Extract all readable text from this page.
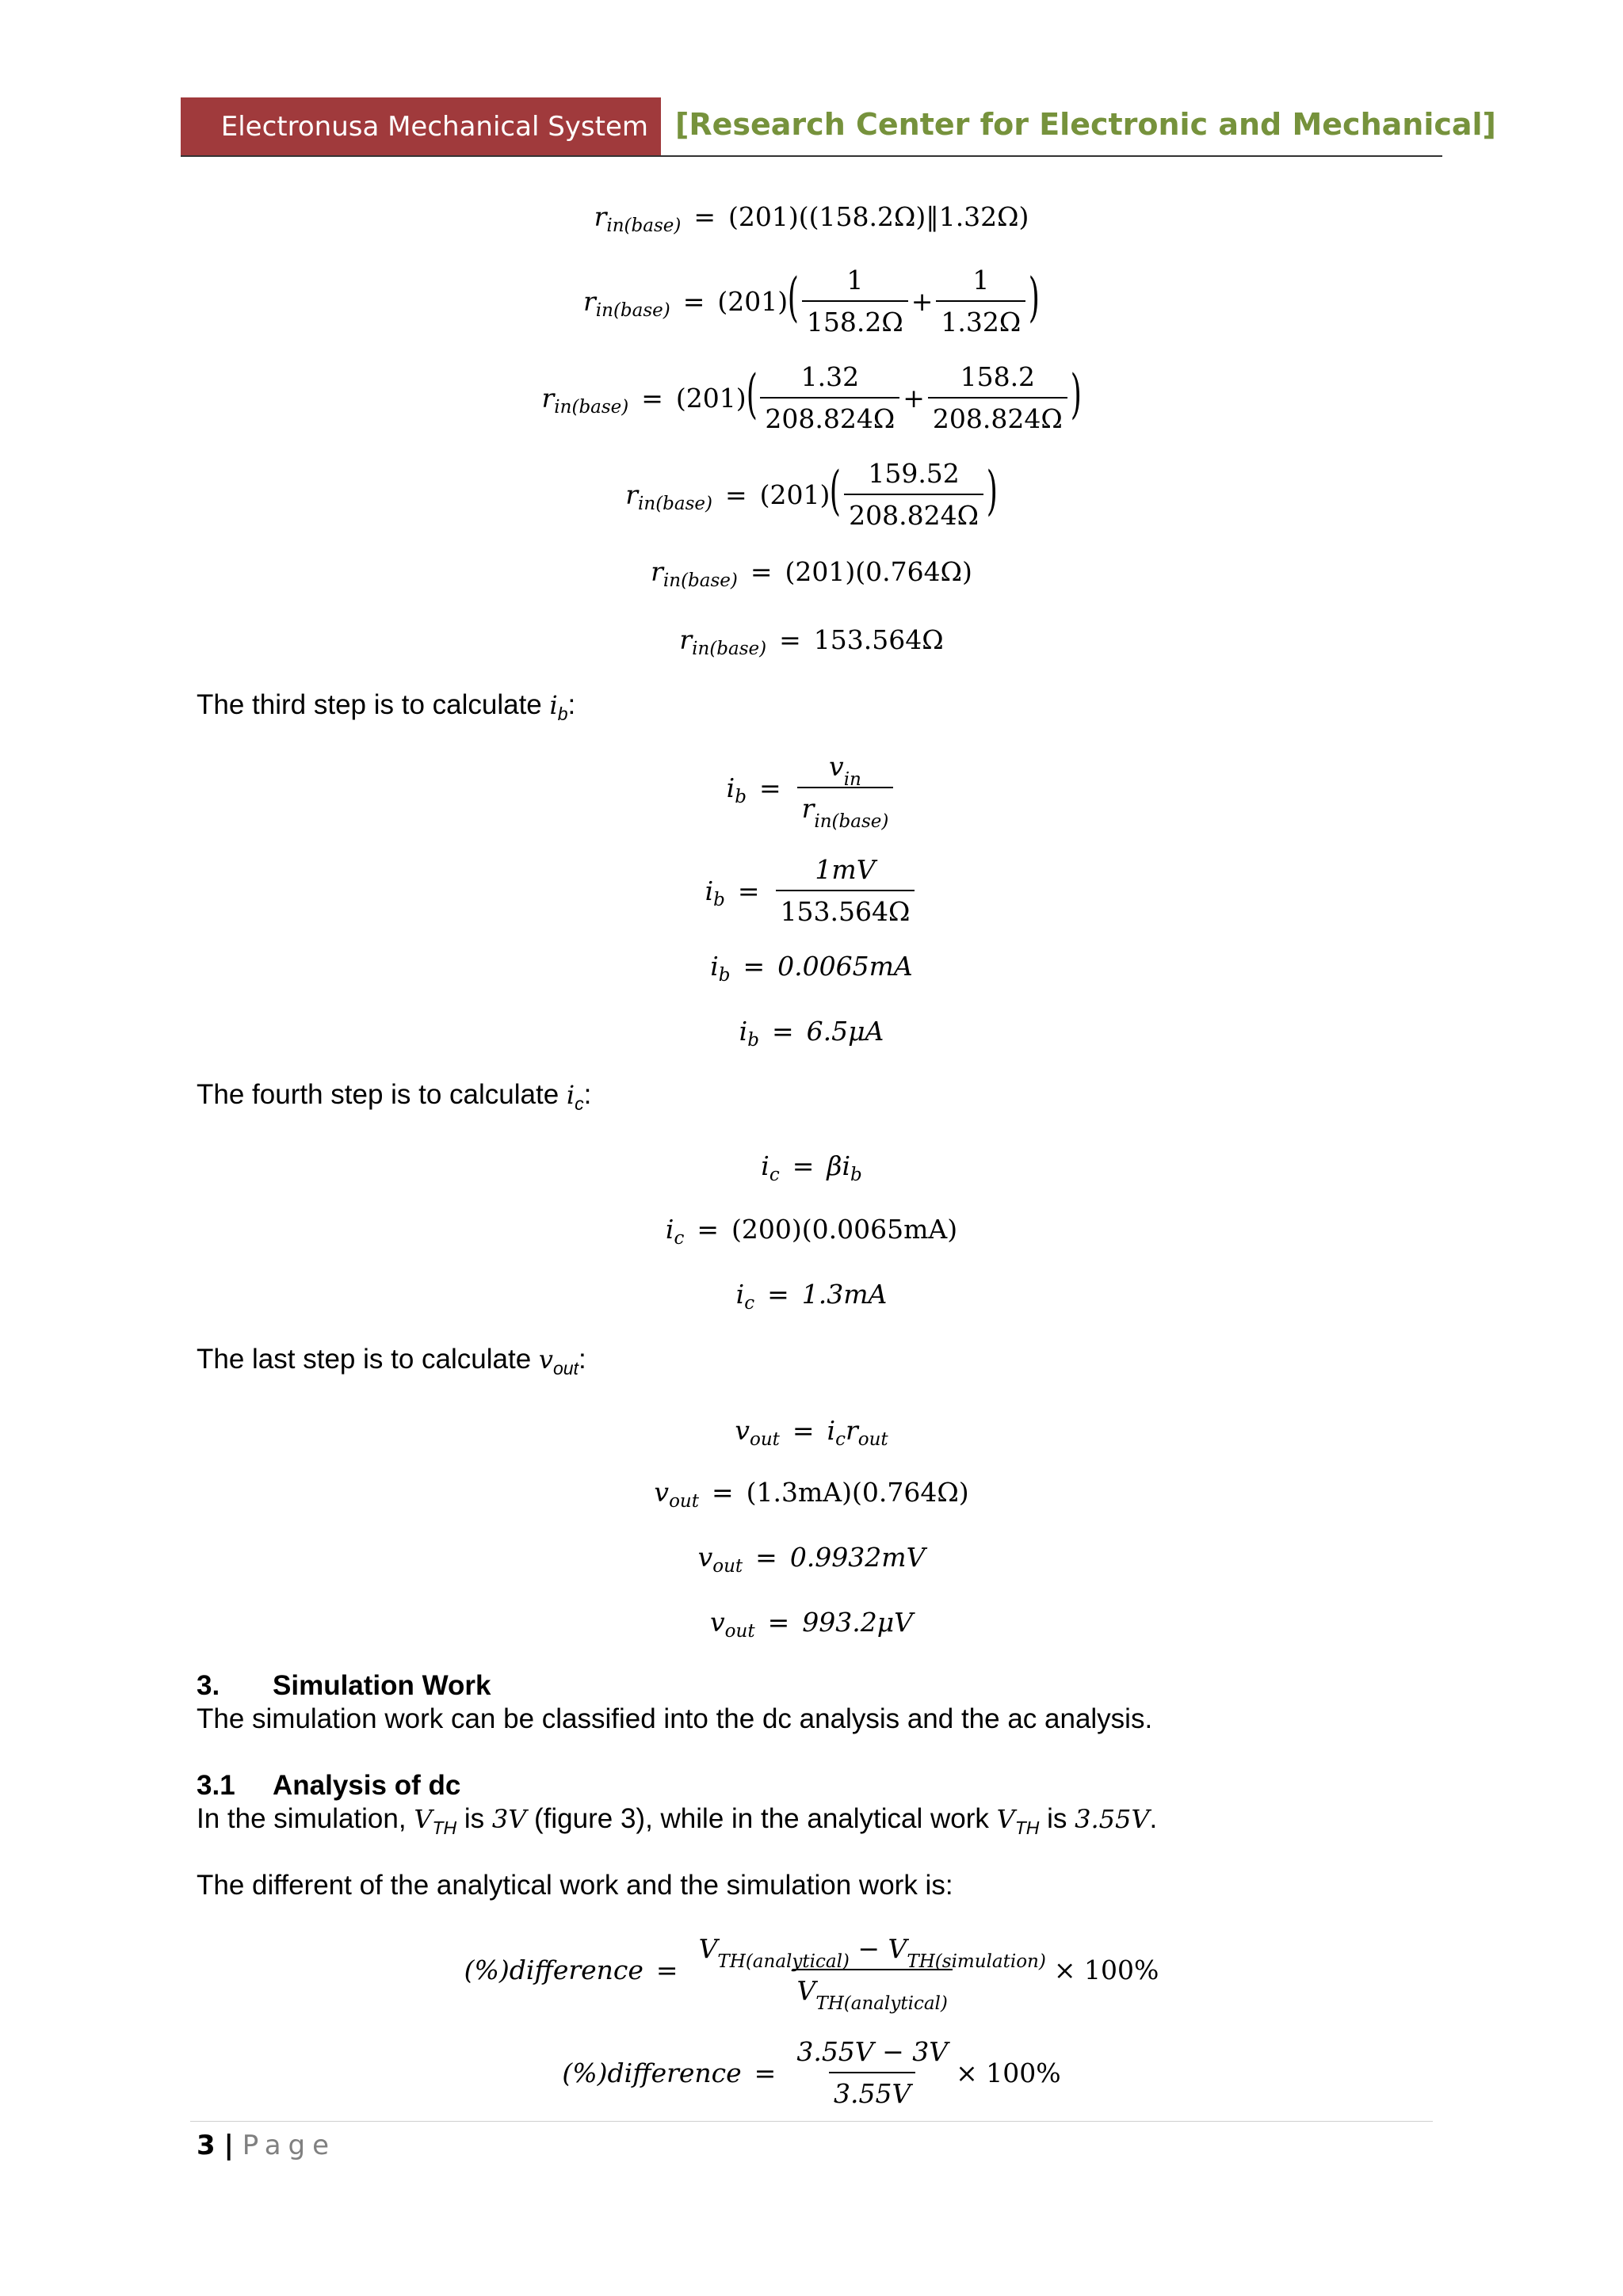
Electronusa Mechanical System [Research Center for Electronic and Mechanical]
r in(base) = (201)((158.2Ω)‖1.32Ω)
r in(base) = (201) ( $\frac{1}{158.2\Omega} + \frac{1}{1.32\Omega}$ )
r in(base) = (201) ( $\frac{1.32}{208.824\Omega} + \frac{158.2}{208.824\Omega}$ )
r in(base) = (201) ( $\frac{159.52}{208.824\Omega}$ )
r in(base) = (201)(0.764Ω)
r in(base) = 153.564Ω
The third step is to calculate $i_b$:
i $b = \frac{v_{in}}{r_{in(base)}}$
i $b = \frac{1mV}{153.564\Omega}$
i b = 0.0065mA
i b = 6.5μA
The fourth step is to calculate $i_c$:
i c = β i b
i c = (200)(0.0065mA)
i c = 1.3mA
The last step is to calculate $v_{out}$:
v out = i c r out
v out = (1.3mA)(0.764Ω)
v out = 0.9932mV
v out = 993.2μV
3. Simulation Work
The simulation work can be classified into the dc analysis and the ac analysis.
3.1 Analysis of dc
In the simulation, $V_{TH}$ is 3V (figure 3), while in the analytical work $V_{TH}$ is 3.55V.
The different of the analytical work and the simulation work is:
(%)difference = $\frac{V_{TH(analytical)} - V_{TH(simulation)}}{V_{TH(analytical)}} \times 100\%$
(%)difference = $\frac{3.55V - 3V}{3.55V} \times 100\%$
3 | Page
